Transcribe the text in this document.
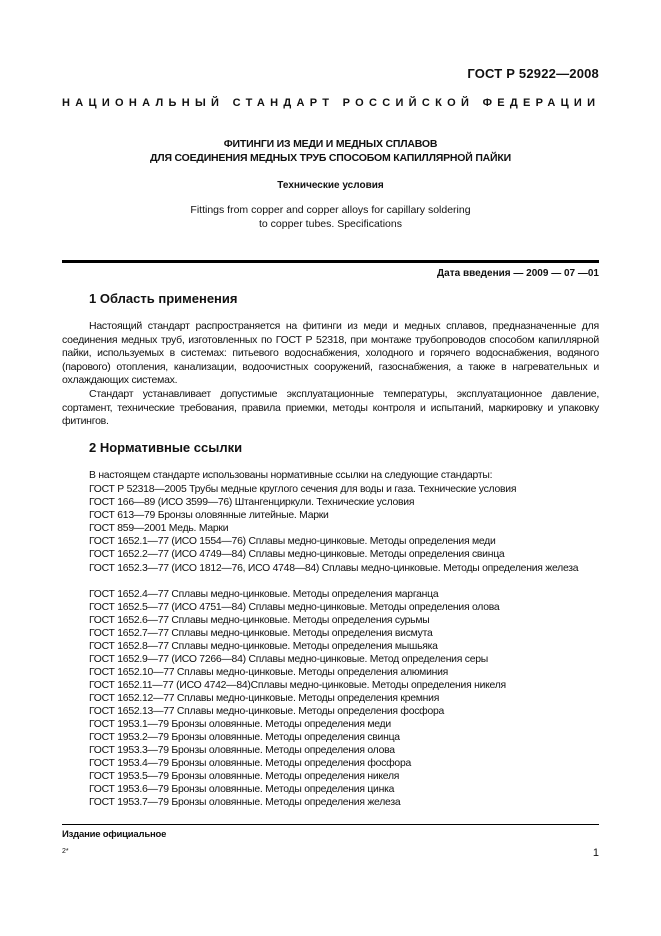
ГОСТ Р 52922—2008
НАЦИОНАЛЬНЫЙ СТАНДАРТ РОССИЙСКОЙ ФЕДЕРАЦИИ
ФИТИНГИ ИЗ МЕДИ И МЕДНЫХ СПЛАВОВ
ДЛЯ СОЕДИНЕНИЯ МЕДНЫХ ТРУБ СПОСОБОМ КАПИЛЛЯРНОЙ ПАЙКИ
Технические условия
Fittings from copper and copper alloys for capillary soldering
to copper tubes. Specifications
Дата введения — 2009 — 07 —01
1 Область применения
Настоящий стандарт распространяется на фитинги из меди и медных сплавов, предназначенные для соединения медных труб, изготовленных по ГОСТ Р 52318, при монтаже трубопроводов способом капиллярной пайки, используемых в системах: питьевого водоснабжения, холодного и горячего водоснабжения, водяного (парового) отопления, канализации, водоочистных сооружений, газоснабжения, а также в нагревательных и охлаждающих системах.
Стандарт устанавливает допустимые эксплуатационные температуры, эксплуатационное давление, сортамент, технические требования, правила приемки, методы контроля и испытаний, маркировку и упаковку фитингов.
2 Нормативные ссылки
В настоящем стандарте использованы нормативные ссылки на следующие стандарты:
ГОСТ Р 52318—2005 Трубы медные круглого сечения для воды и газа. Технические условия
ГОСТ 166—89 (ИСО 3599—76) Штангенциркули. Технические условия
ГОСТ 613—79 Бронзы оловянные литейные. Марки
ГОСТ 859—2001 Медь. Марки
ГОСТ 1652.1—77 (ИСО 1554—76) Сплавы медно-цинковые. Методы определения меди
ГОСТ 1652.2—77 (ИСО 4749—84) Сплавы медно-цинковые. Методы определения свинца
ГОСТ 1652.3—77 (ИСО 1812—76, ИСО 4748—84) Сплавы медно-цинковые. Методы определения железа
ГОСТ 1652.4—77 Сплавы медно-цинковые. Методы определения марганца
ГОСТ 1652.5—77 (ИСО 4751—84) Сплавы медно-цинковые. Методы определения олова
ГОСТ 1652.6—77 Сплавы медно-цинковые. Методы определения сурьмы
ГОСТ 1652.7—77 Сплавы медно-цинковые. Методы определения висмута
ГОСТ 1652.8—77 Сплавы медно-цинковые. Методы определения мышьяка
ГОСТ 1652.9—77 (ИСО 7266—84) Сплавы медно-цинковые. Метод определения серы
ГОСТ 1652.10—77 Сплавы медно-цинковые. Методы определения алюминия
ГОСТ 1652.11—77 (ИСО 4742—84)Сплавы медно-цинковые. Методы определения никеля
ГОСТ 1652.12—77 Сплавы медно-цинковые. Методы определения кремния
ГОСТ 1652.13—77 Сплавы медно-цинковые. Методы определения фосфора
ГОСТ 1953.1—79 Бронзы оловянные. Методы определения меди
ГОСТ 1953.2—79 Бронзы оловянные. Методы определения свинца
ГОСТ 1953.3—79 Бронзы оловянные. Методы определения олова
ГОСТ 1953.4—79 Бронзы оловянные. Методы определения фосфора
ГОСТ 1953.5—79 Бронзы оловянные. Методы определения никеля
ГОСТ 1953.6—79 Бронзы оловянные. Методы определения цинка
ГОСТ 1953.7—79 Бронзы оловянные. Методы определения железа
Издание официальное
2*	1
